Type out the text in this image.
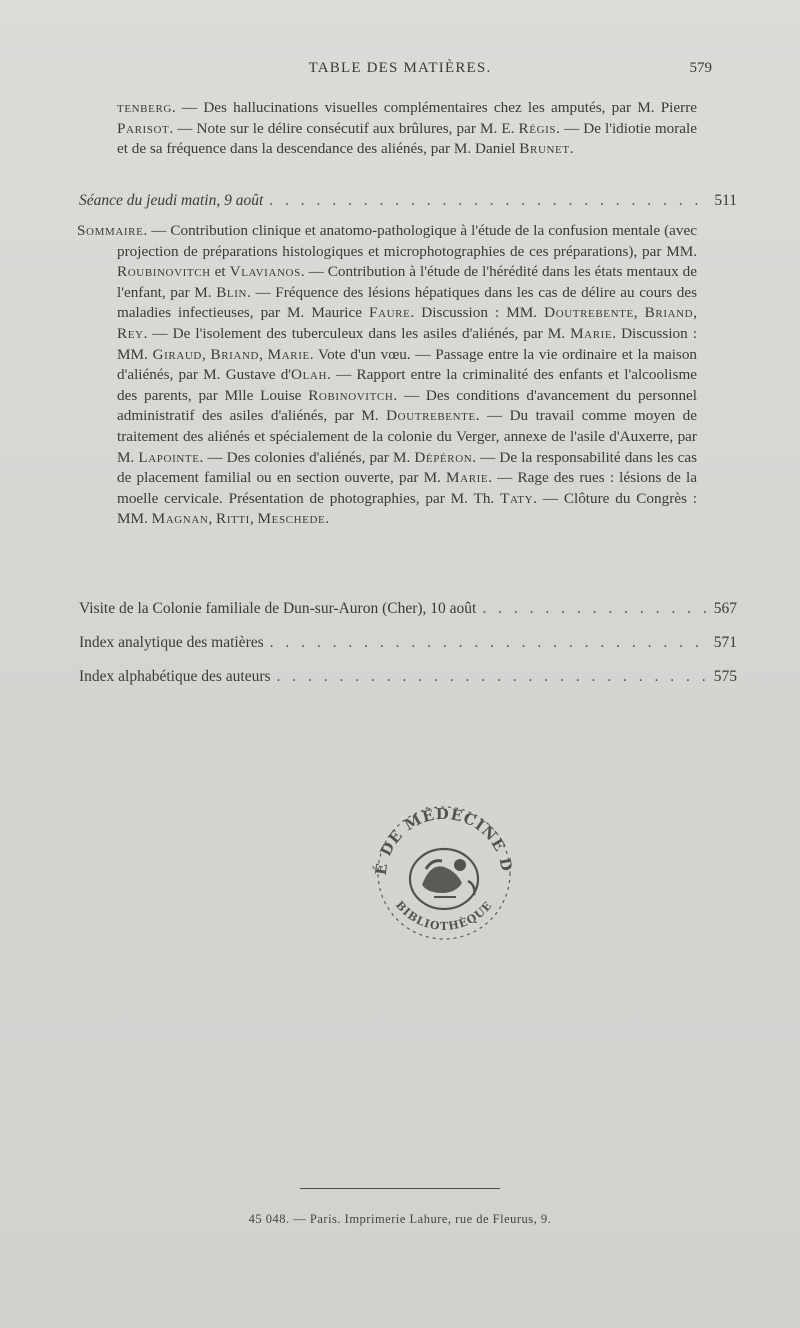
TABLE DES MATIÈRES.	579

tenberg. — Des hallucinations visuelles complémentaires chez les amputés, par M. Pierre Parisot. — Note sur le délire consécutif aux brûlures, par M. E. Régis. — De l'idiotie morale et de sa fréquence dans la descendance des aliénés, par M. Daniel Brunet.

Séance du jeudi matin, 9 août . . .	511

Sommaire. — Contribution clinique et anatomo-pathologique à l'étude de la confusion mentale (avec projection de préparations histologiques et microphotographies de ces préparations), par MM. Roubinovitch et Vlavianos. — Contribution à l'étude de l'hérédité dans les états mentaux de l'enfant, par M. Blin. — Fréquence des lésions hépatiques dans les cas de délire au cours des maladies infectieuses, par M. Maurice Faure. Discussion : MM. Doutrebente, Briand, Rey. — De l'isolement des tuberculeux dans les asiles d'aliénés, par M. Marie. Discussion : MM. Giraud, Briand, Marie. Vote d'un vœu. — Passage entre la vie ordinaire et la maison d'aliénés, par M. Gustave d'Olah. — Rapport entre la criminalité des enfants et l'alcoolisme des parents, par Mlle Louise Robinovitch. — Des conditions d'avancement du personnel administratif des asiles d'aliénés, par M. Doutrebente. — Du travail comme moyen de traitement des aliénés et spécialement de la colonie du Verger, annexe de l'asile d'Auxerre, par M. Lapointe. — Des colonies d'aliénés, par M. Dépéron. — De la responsabilité dans les cas de placement familial ou en section ouverte, par M. Marie. — Rage des rues : lésions de la moelle cervicale. Présentation de photographies, par M. Th. Taty. — Clôture du Congrès : MM. Magnan, Ritti, Meschede.

Visite de la Colonie familiale de Dun-sur-Auron (Cher), 10 août . . .	567
Index analytique des matières . . .	571
Index alphabétique des auteurs . . .	575
É DE MÉDECINE D
BIBLIOTHÈQUE
45 048. — Paris. Imprimerie Lahure, rue de Fleurus, 9.
